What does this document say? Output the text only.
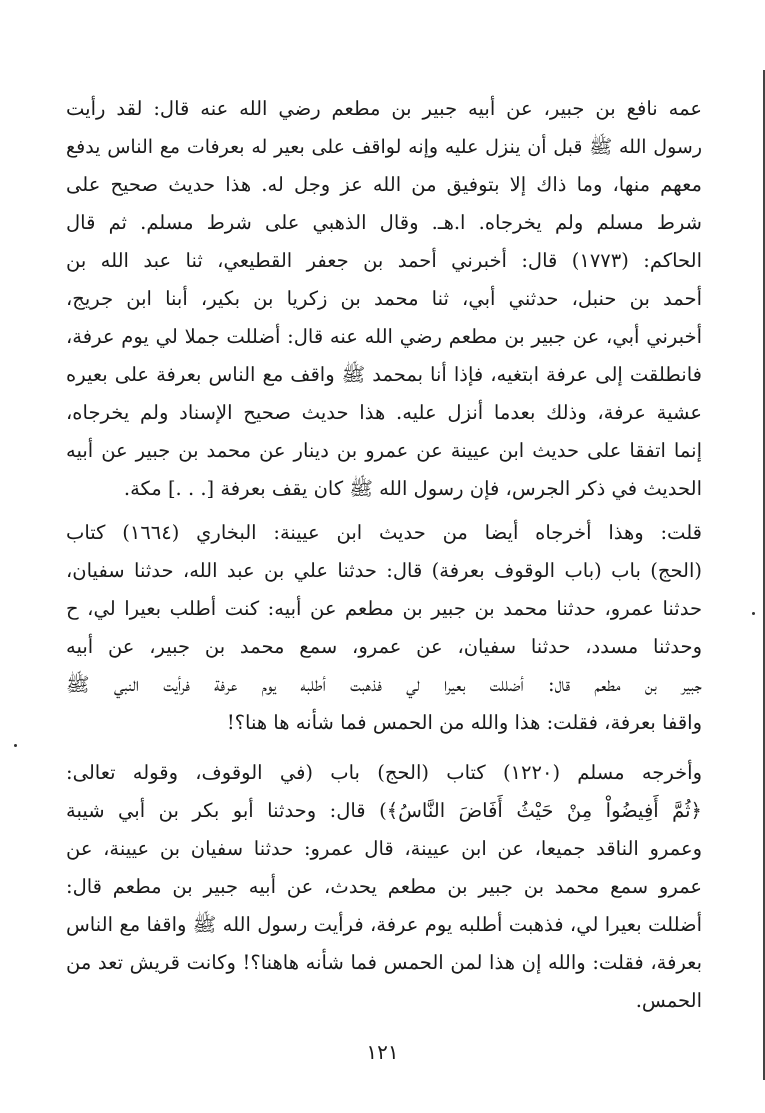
عمه نافع بن جبير، عن أبيه جبير بن مطعم رضي الله عنه قال: لقد رأيت
رسول الله ﷺ قبل أن ينزل عليه وإنه لواقف على بعير له بعرفات مع الناس يدفع
معهم منها، وما ذاك إلا بتوفيق من الله عز وجل له. هذا حديث صحيح على
شرط مسلم ولم يخرجاه. ا.هـ. وقال الذهبي على شرط مسلم. ثم قال
الحاكم: (١٧٧٣) قال: أخبرني أحمد بن جعفر القطيعي، ثنا عبد الله بن
أحمد بن حنبل، حدثني أبي، ثنا محمد بن زكريا بن بكير، أبنا ابن جريج،
أخبرني أبي، عن جبير بن مطعم رضي الله عنه قال: أضللت جملا لي يوم عرفة،
فانطلقت إلى عرفة ابتغيه، فإذا أنا بمحمد ﷺ واقف مع الناس بعرفة على بعيره
عشية عرفة، وذلك بعدما أنزل عليه. هذا حديث صحيح الإسناد ولم يخرجاه،
إنما اتفقا على حديث ابن عيينة عن عمرو بن دينار عن محمد بن جبير عن أبيه
الحديث في ذكر الجرس، فإن رسول الله ﷺ كان يقف بعرفة [. . .] مكة.
قلت: وهذا أخرجاه أيضا من حديث ابن عيينة: البخاري (١٦٦٤) كتاب
(الحج) باب (باب الوقوف بعرفة) قال: حدثنا علي بن عبد الله، حدثنا سفيان،
حدثنا عمرو، حدثنا محمد بن جبير بن مطعم عن أبيه: كنت أطلب بعيرا لي، ح
وحدثنا مسدد، حدثنا سفيان، عن عمرو، سمع محمد بن جبير، عن أبيه
جبير بن مطعم قال: أضللت بعيرا لي فذهبت أطلبه يوم عرفة فرأيت النبي ﷺ
واقفا بعرفة، فقلت: هذا والله من الحمس فما شأنه ها هنا؟!
وأخرجه مسلم (١٢٢٠) كتاب (الحج) باب (في الوقوف، وقوله تعالى:
﴿ثُمَّ أَفِيضُواْ مِنْ حَيْثُ أَفَاضَ النَّاسُ﴾) قال: وحدثنا أبو بكر بن أبي شيبة
وعمرو الناقد جميعا، عن ابن عيينة، قال عمرو: حدثنا سفيان بن عيينة، عن
عمرو سمع محمد بن جبير بن مطعم يحدث، عن أبيه جبير بن مطعم قال:
أضللت بعيرا لي، فذهبت أطلبه يوم عرفة، فرأيت رسول الله ﷺ واقفا مع الناس
بعرفة، فقلت: والله إن هذا لمن الحمس فما شأنه هاهنا؟! وكانت قريش تعد من
الحمس.
١٢١
